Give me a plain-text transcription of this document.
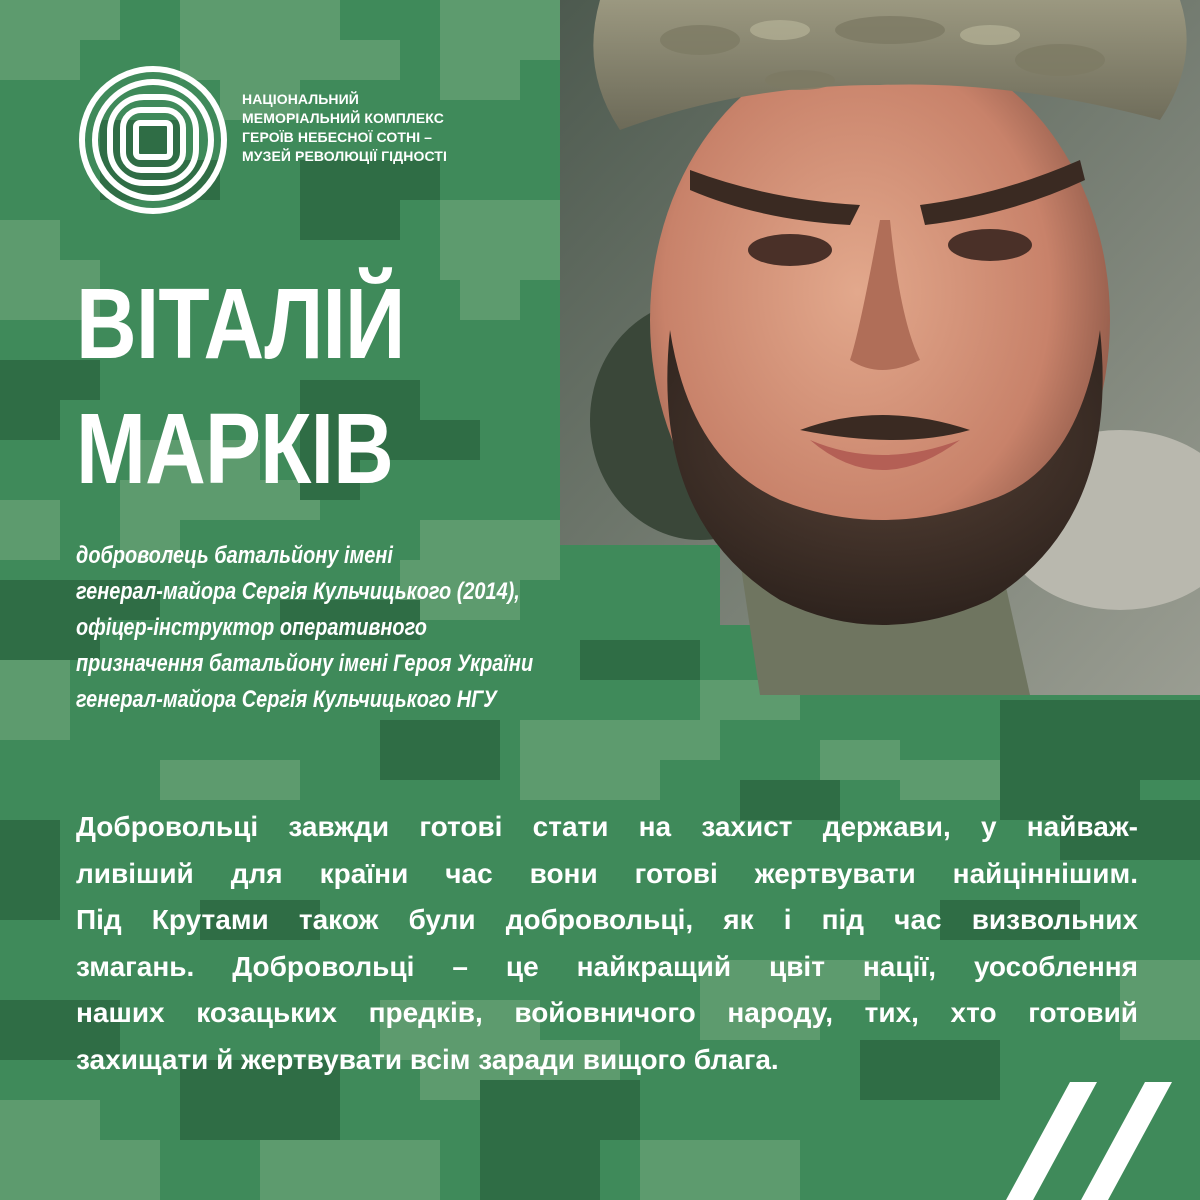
НАЦІОНАЛЬНИЙ
МЕМОРІАЛЬНИЙ КОМПЛЕКС
ГЕРОЇВ НЕБЕСНОЇ СОТНІ –
МУЗЕЙ РЕВОЛЮЦІЇ ГІДНОСТІ
ВІТАЛІЙ
МАРКІВ
доброволець батальйону імені
генерал-майора Сергія Кульчицького (2014),
офіцер-інструктор оперативного
призначення батальйону імені Героя України
генерал-майора Сергія Кульчицького НГУ
Добровольці завжди готові стати на захист держави, у найваж-
ливіший для країни час вони готові жертвувати найціннішим.
Під Крутами також були добровольці, як і під час визвольних
змагань. Добровольці – це найкращий цвіт нації, уособлення
наших козацьких предків, войовничого народу, тих, хто готовий
захищати й жертвувати всім заради вищого блага.
